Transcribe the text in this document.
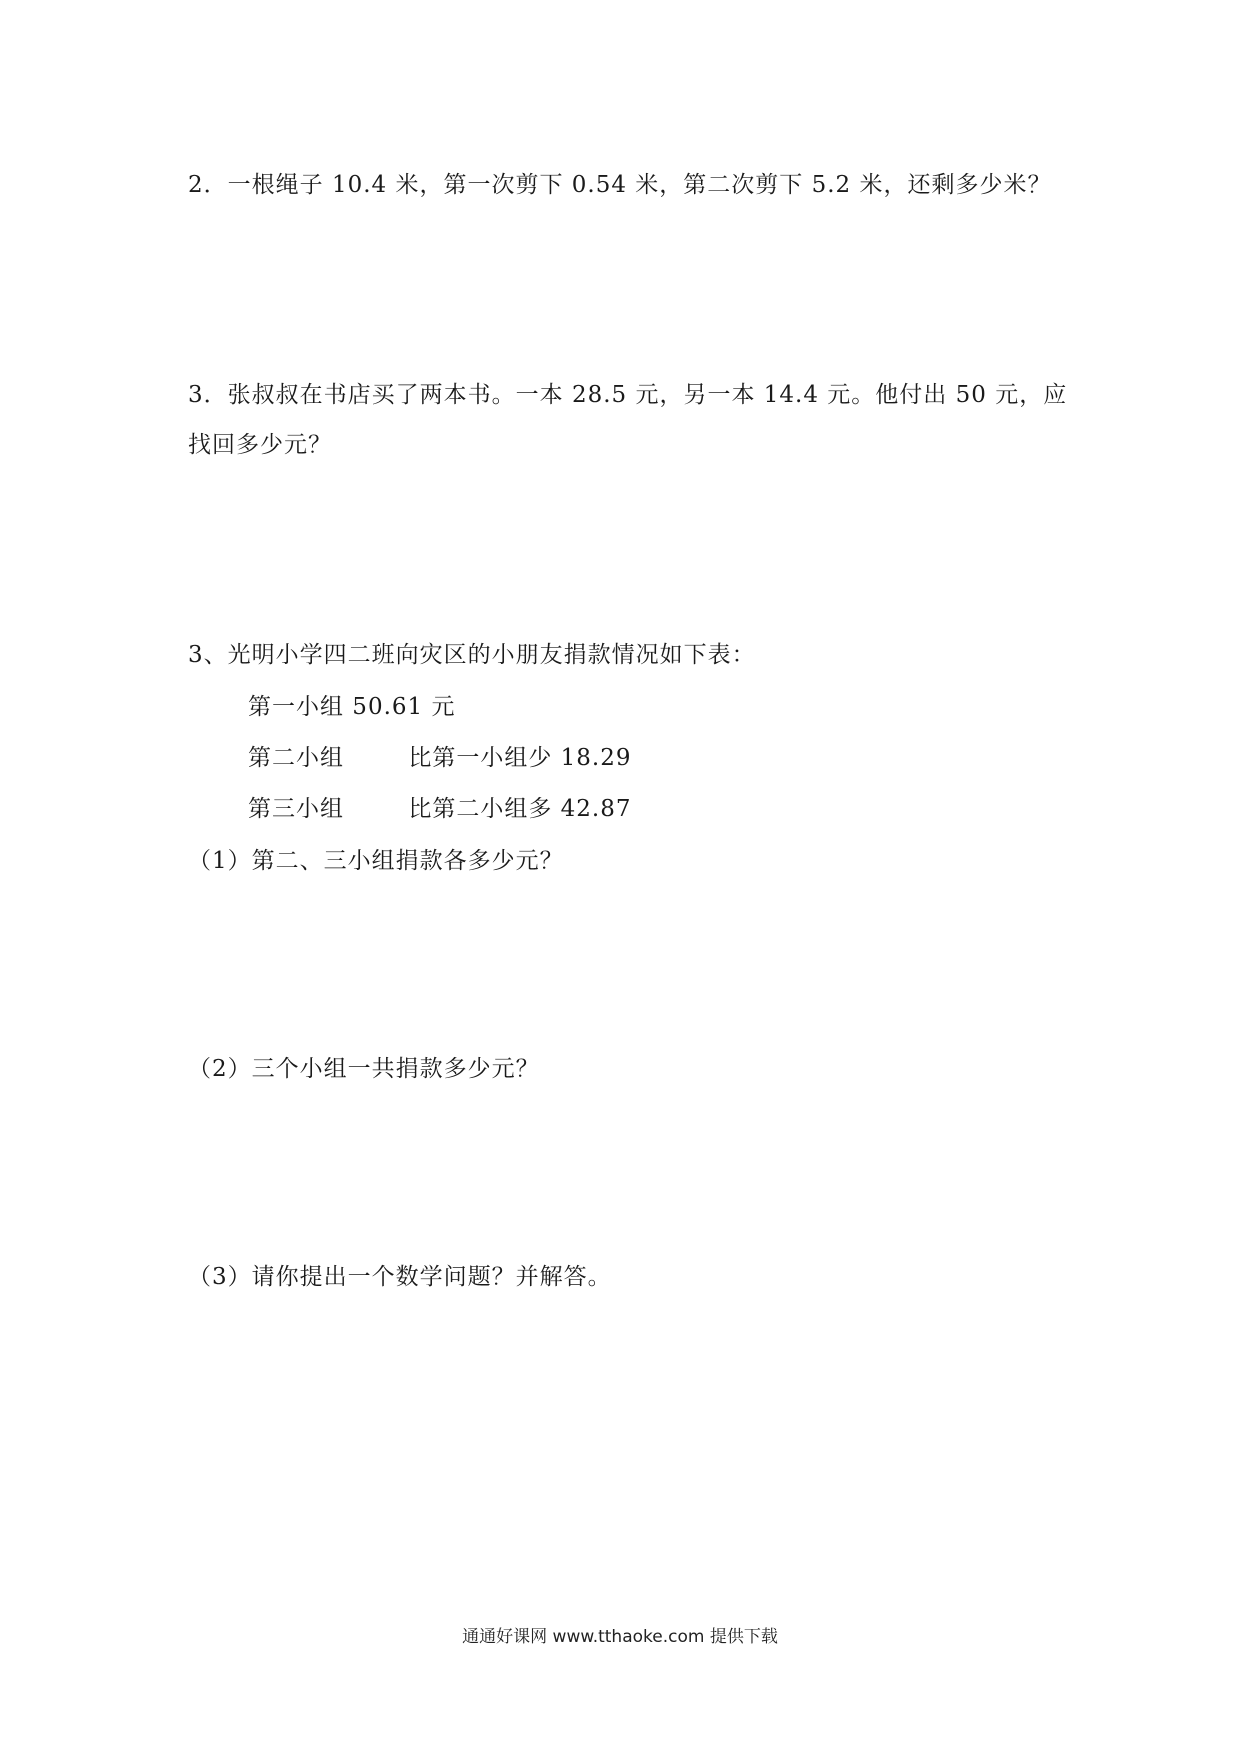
2．一根绳子 10.4 米，第一次剪下 0.54 米，第二次剪下 5.2 米，还剩多少米？
3．张叔叔在书店买了两本书。一本 28.5 元，另一本 14.4 元。他付出 50 元，应
找回多少元？
3、光明小学四二班向灾区的小朋友捐款情况如下表：
第一小组 50.61 元
第二小组	比第一小组少 18.29
第三小组	比第二小组多 42.87
（1）第二、三小组捐款各多少元？
（2）三个小组一共捐款多少元？
（3）请你提出一个数学问题？并解答。
通通好课网 www.tthaoke.com 提供下载
